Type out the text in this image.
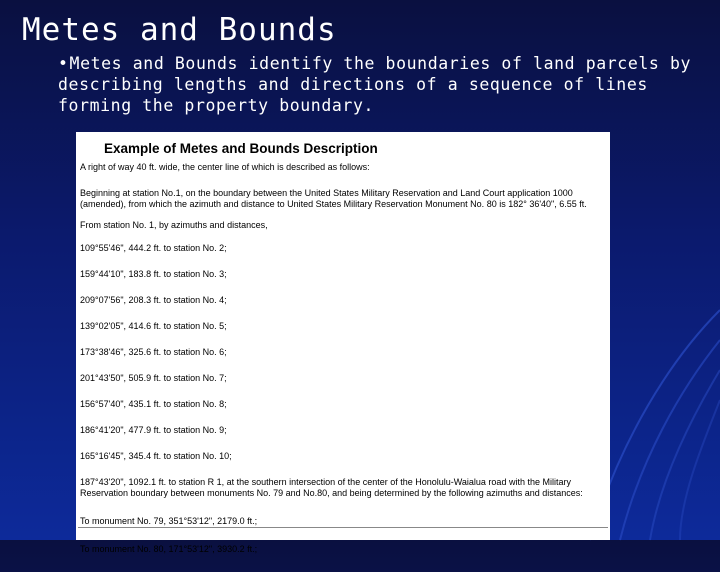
Metes and Bounds
•Metes and Bounds identify the boundaries of land parcels by describing lengths and directions of a sequence of lines forming the property boundary.
Example of Metes and Bounds Description

A right of way 40 ft. wide, the center line of which is described as follows:

Beginning at station No.1, on the boundary between the United States Military Reservation and Land Court application 1000 (amended), from which the azimuth and distance to United States Military Reservation Monument No. 80 is 182° 36'40", 6.55 ft.

From station No. 1, by azimuths and distances,

109°55'46", 444.2 ft. to station No. 2;

159°44'10", 183.8 ft. to station No. 3;

209°07'56", 208.3 ft. to station No. 4;

139°02'05", 414.6 ft. to station No. 5;

173°38'46", 325.6 ft. to station No. 6;

201°43'50", 505.9 ft. to station No. 7;

156°57'40", 435.1 ft. to station No. 8;

186°41'20", 477.9 ft. to station No. 9;

165°16'45", 345.4 ft. to station No. 10;

187°43'20", 1092.1 ft. to station R 1, at the southern intersection of the center of the Honolulu-Waialua road with the Military Reservation boundary between monuments No. 79 and No.80, and being determined by the following azimuths and distances:

To monument No. 79, 351°53'12", 2179.0 ft.;

To monument No. 80, 171°53'12", 3930.2 ft.;
